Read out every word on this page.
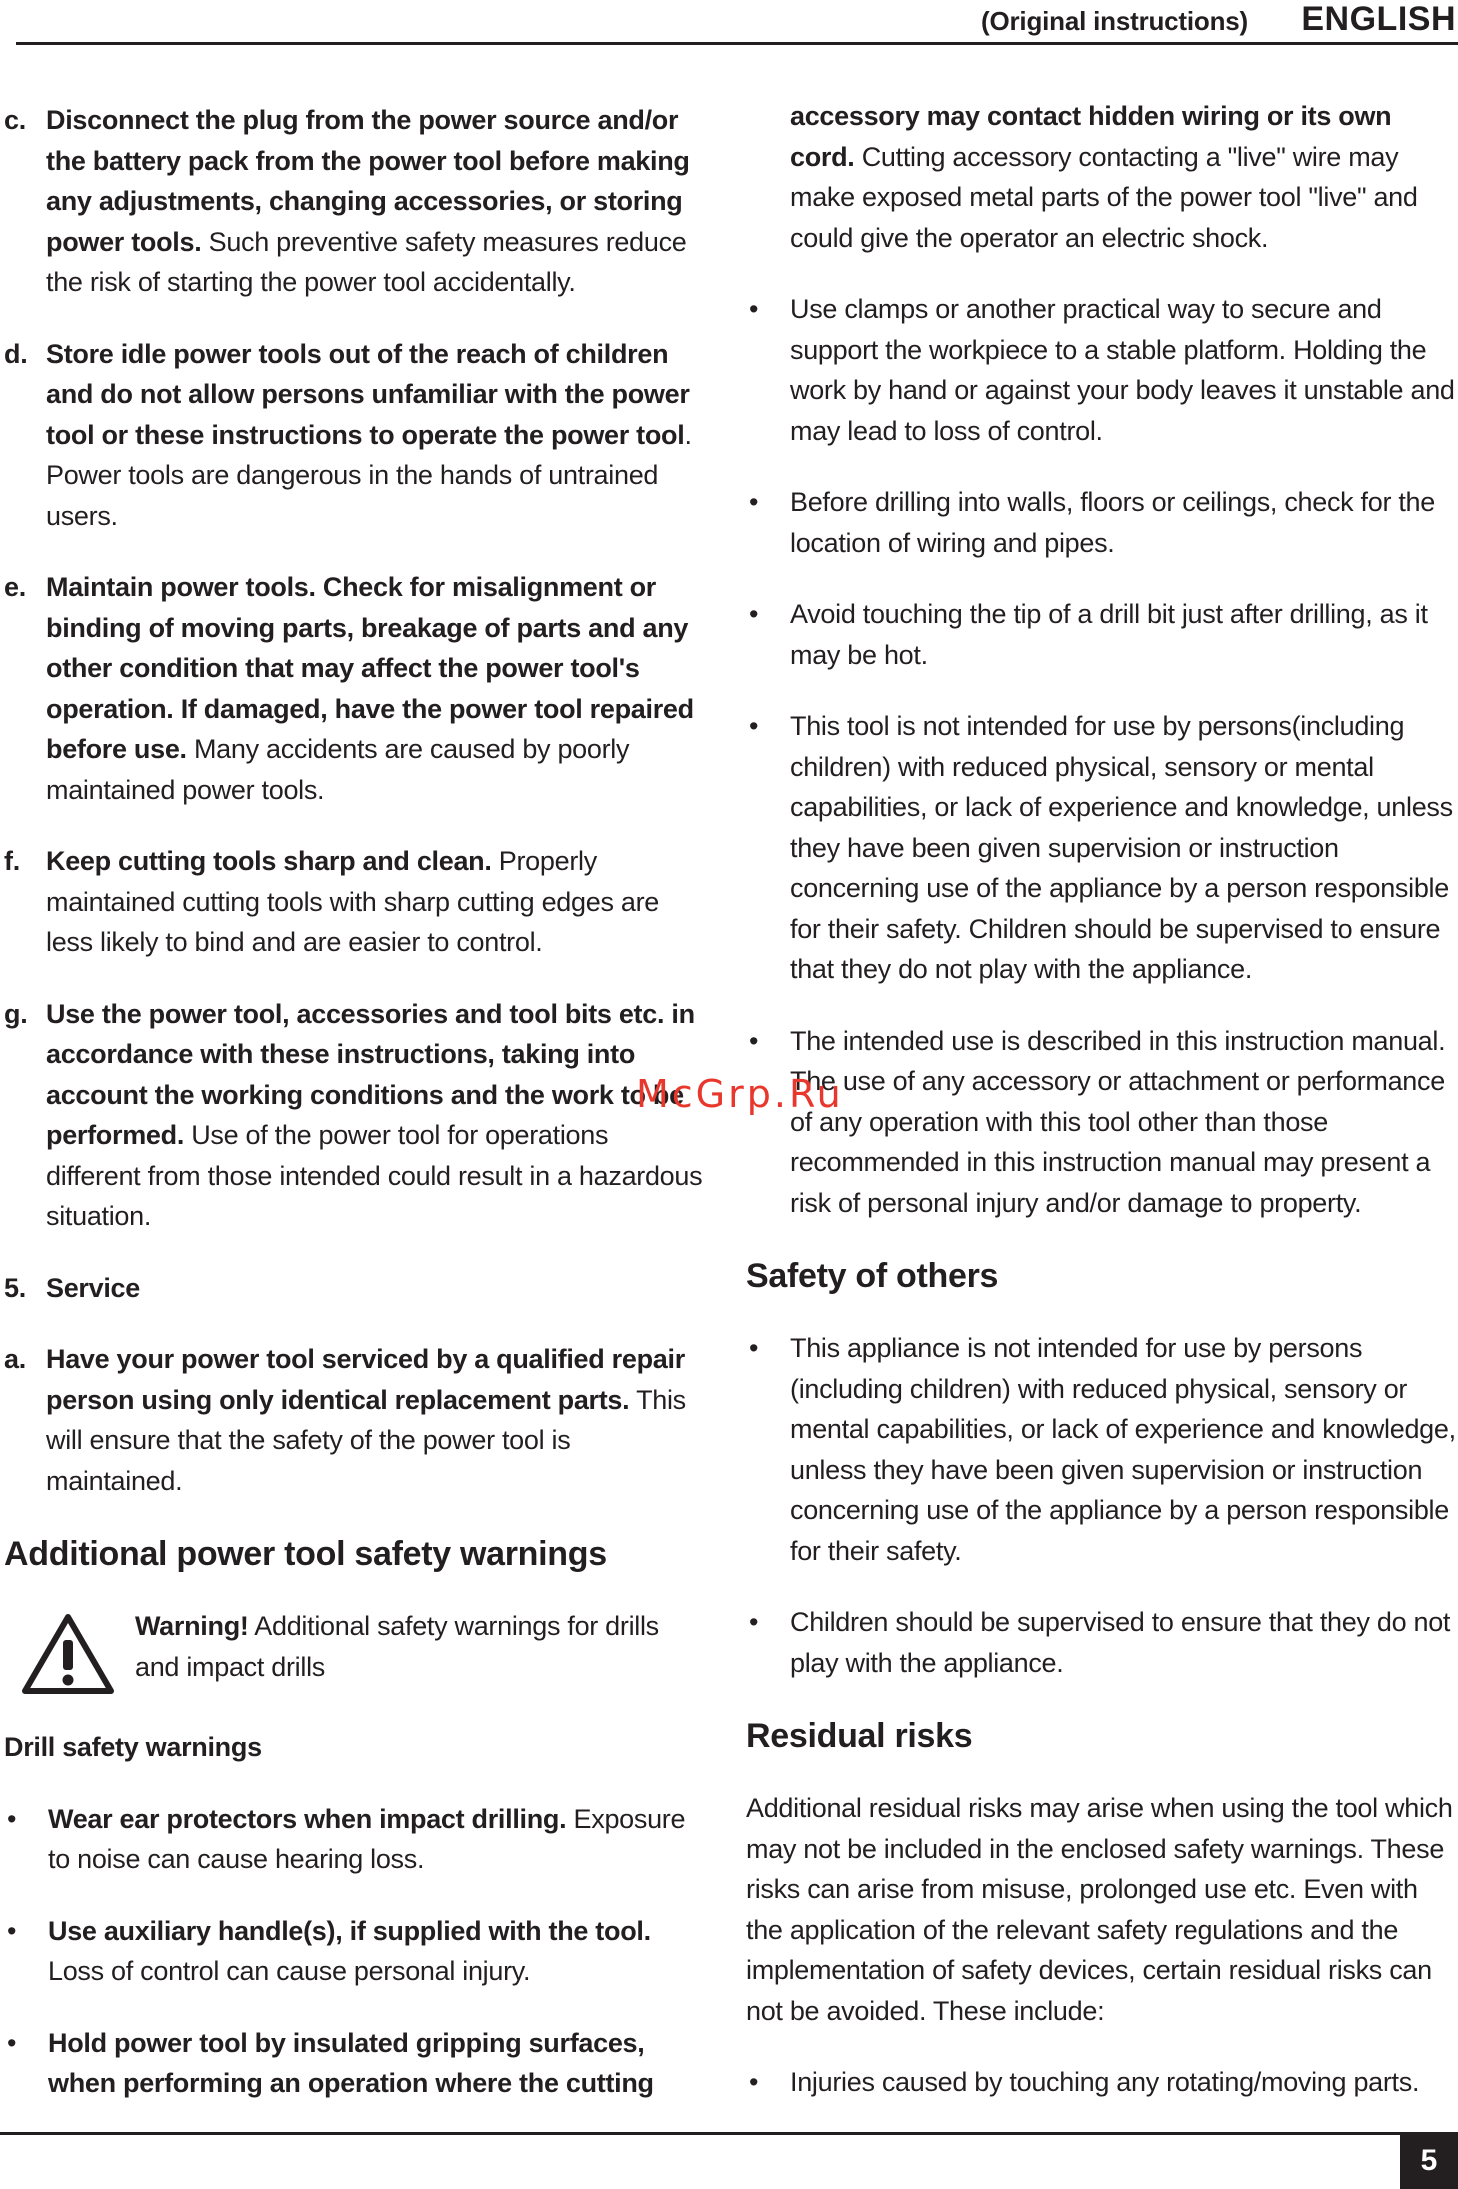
(Original instructions) ENGLISH
c. Disconnect the plug from the power source and/or the battery pack from the power tool before making any adjustments, changing accessories, or storing power tools. Such preventive safety measures reduce the risk of starting the power tool accidentally.
d. Store idle power tools out of the reach of children and do not allow persons unfamiliar with the power tool or these instructions to operate the power tool. Power tools are dangerous in the hands of untrained users.
e. Maintain power tools. Check for misalignment or binding of moving parts, breakage of parts and any other condition that may affect the power tool's operation. If damaged, have the power tool repaired before use. Many accidents are caused by poorly maintained power tools.
f. Keep cutting tools sharp and clean. Properly maintained cutting tools with sharp cutting edges are less likely to bind and are easier to control.
g. Use the power tool, accessories and tool bits etc. in accordance with these instructions, taking into account the working conditions and the work to be performed. Use of the power tool for operations different from those intended could result in a hazardous situation.
5. Service
a. Have your power tool serviced by a qualified repair person using only identical replacement parts. This will ensure that the safety of the power tool is maintained.
Additional power tool safety warnings
Warning! Additional safety warnings for drills and impact drills
Drill safety warnings
• Wear ear protectors when impact drilling. Exposure to noise can cause hearing loss.
• Use auxiliary handle(s), if supplied with the tool. Loss of control can cause personal injury.
• Hold power tool by insulated gripping surfaces, when performing an operation where the cutting
accessory may contact hidden wiring or its own cord. Cutting accessory contacting a "live" wire may make exposed metal parts of the power tool "live" and could give the operator an electric shock.
• Use clamps or another practical way to secure and support the workpiece to a stable platform. Holding the work by hand or against your body leaves it unstable and may lead to loss of control.
• Before drilling into walls, floors or ceilings, check for the location of wiring and pipes.
• Avoid touching the tip of a drill bit just after drilling, as it may be hot.
• This tool is not intended for use by persons(including children) with reduced physical, sensory or mental capabilities, or lack of experience and knowledge, unless they have been given supervision or instruction concerning use of the appliance by a person responsible for their safety. Children should be supervised to ensure that they do not play with the appliance.
• The intended use is described in this instruction manual. The use of any accessory or attachment or performance of any operation with this tool other than those recommended in this instruction manual may present a risk of personal injury and/or damage to property.
Safety of others
• This appliance is not intended for use by persons (including children) with reduced physical, sensory or mental capabilities, or lack of experience and knowledge, unless they have been given supervision or instruction concerning use of the appliance by a person responsible for their safety.
• Children should be supervised to ensure that they do not play with the appliance.
Residual risks
Additional residual risks may arise when using the tool which may not be included in the enclosed safety warnings. These risks can arise from misuse, prolonged use etc. Even with the application of the relevant safety regulations and the implementation of safety devices, certain residual risks can not be avoided. These include:
• Injuries caused by touching any rotating/moving parts.
McGrp.Ru
5
